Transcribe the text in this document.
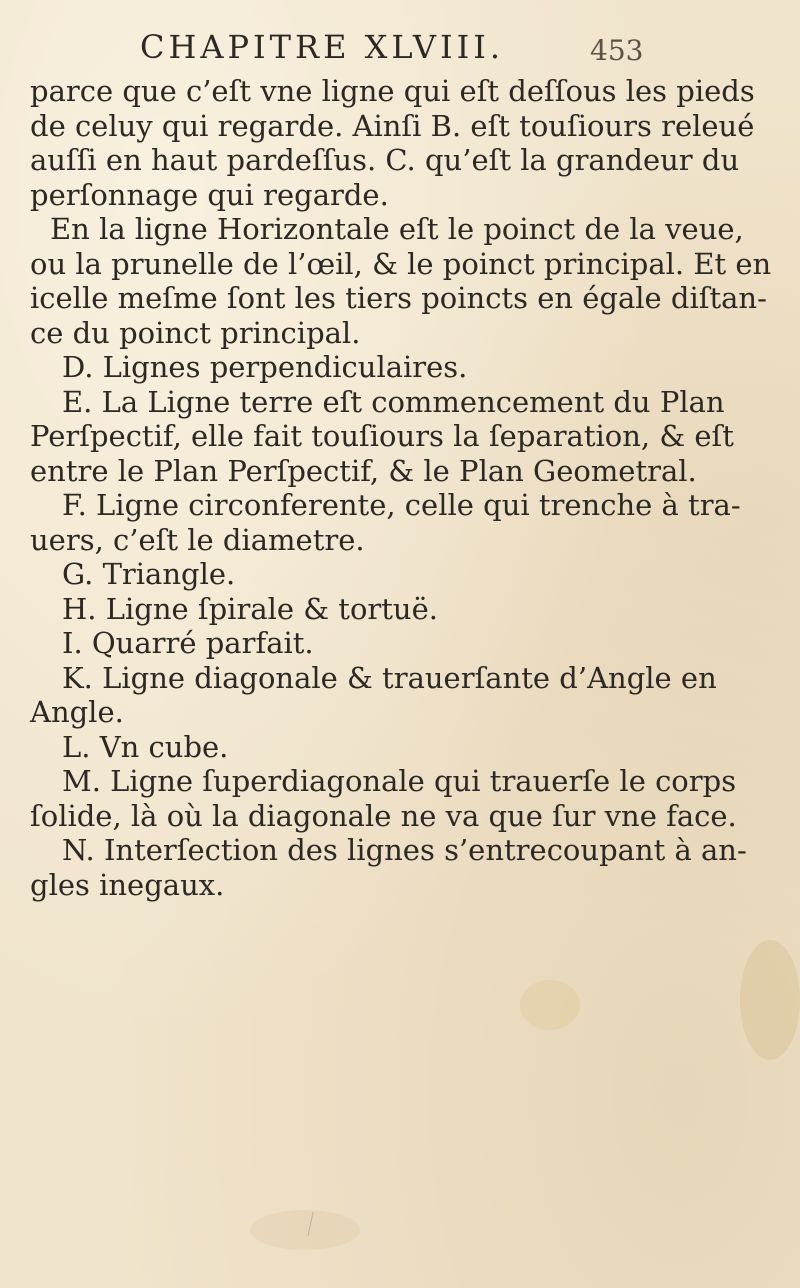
CHAPITRE XLVIII.	453
parce que c’eſt vne ligne qui eſt deſſous les pieds
de celuy qui regarde. Ainſi B. eſt touſiours releué
auſſi en haut pardeſſus. C. qu’eſt la grandeur du
perſonnage qui regarde.
En la ligne Horizontale eſt le poinct de la veue,
ou la prunelle de l’œil, & le poinct principal. Et en
icelle meſme ſont les tiers poincts en égale diſtan-
ce du poinct principal.
D. Lignes perpendiculaires.
E. La Ligne terre eſt commencement du Plan
Perſpectif, elle fait touſiours la ſeparation, & eſt
entre le Plan Perſpectif, & le Plan Geometral.
F. Ligne circonferente, celle qui trenche à tra-
uers, c’eſt le diametre.
G. Triangle.
H. Ligne ſpirale & tortuë.
I. Quarré parfait.
K. Ligne diagonale & trauerſante d’Angle en
Angle.
L. Vn cube.
M. Ligne ſuperdiagonale qui trauerſe le corps
ſolide, là où la diagonale ne va que ſur vne face.
N. Interſection des lignes s’entrecoupant à an-
gles inegaux.
